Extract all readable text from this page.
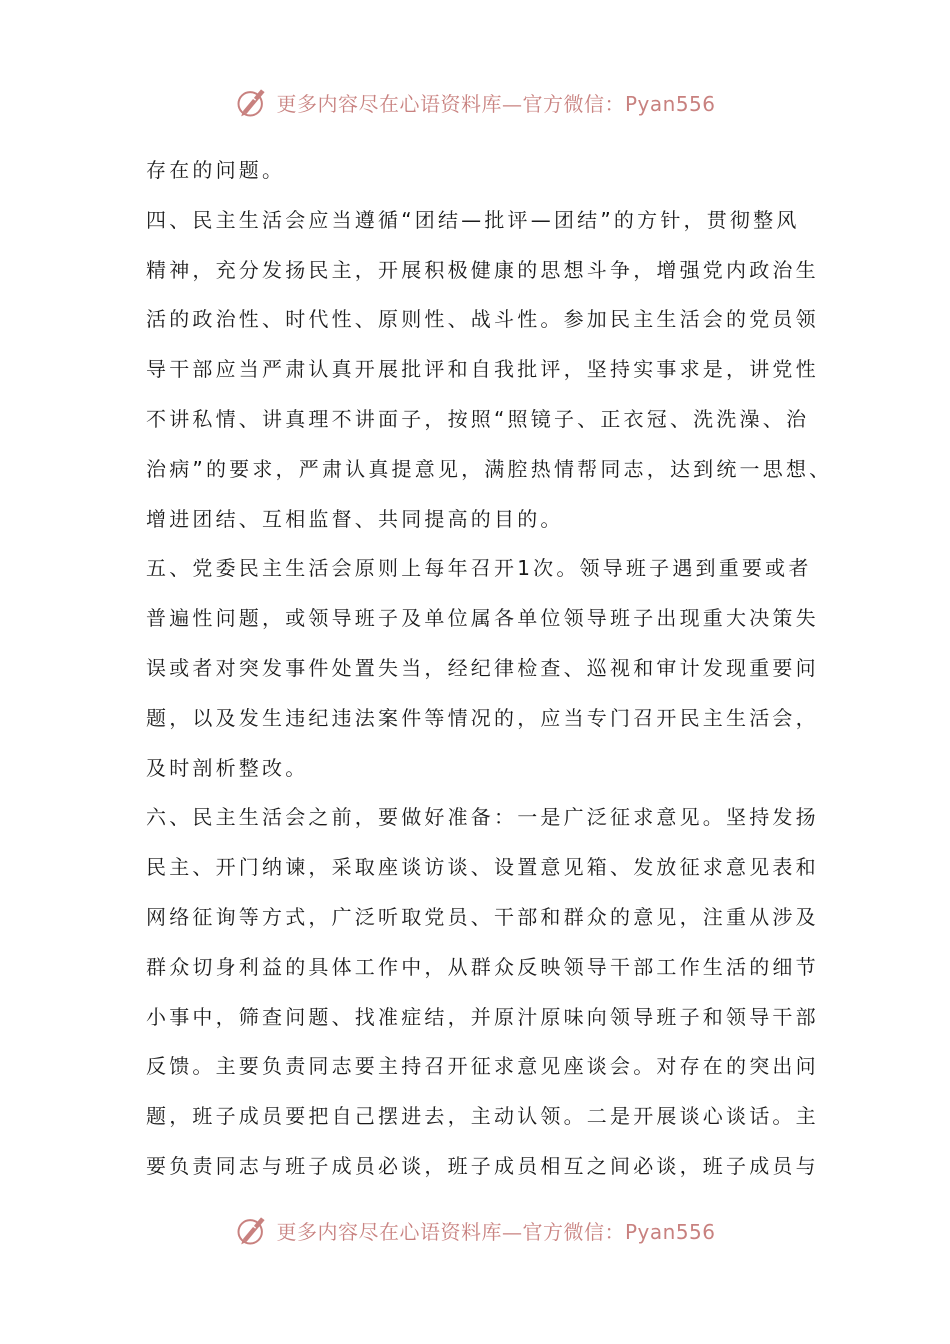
更多内容尽在心语资料库—官方微信：Pyan556
存在的问题。
四、民主生活会应当遵循“团结—批评—团结”的方针，贯彻整风
精神，充分发扬民主，开展积极健康的思想斗争，增强党内政治生
活的政治性、时代性、原则性、战斗性。参加民主生活会的党员领
导干部应当严肃认真开展批评和自我批评，坚持实事求是，讲党性
不讲私情、讲真理不讲面子，按照“照镜子、正衣冠、洗洗澡、治
治病”的要求，严肃认真提意见，满腔热情帮同志，达到统一思想、
增进团结、互相监督、共同提高的目的。
五、党委民主生活会原则上每年召开1次。领导班子遇到重要或者
普遍性问题，或领导班子及单位属各单位领导班子出现重大决策失
误或者对突发事件处置失当，经纪律检查、巡视和审计发现重要问
题，以及发生违纪违法案件等情况的，应当专门召开民主生活会，
及时剖析整改。
六、民主生活会之前，要做好准备：一是广泛征求意见。坚持发扬
民主、开门纳谏，采取座谈访谈、设置意见箱、发放征求意见表和
网络征询等方式，广泛听取党员、干部和群众的意见，注重从涉及
群众切身利益的具体工作中，从群众反映领导干部工作生活的细节
小事中，筛查问题、找准症结，并原汁原味向领导班子和领导干部
反馈。主要负责同志要主持召开征求意见座谈会。对存在的突出问
题，班子成员要把自己摆进去，主动认领。二是开展谈心谈话。主
要负责同志与班子成员必谈，班子成员相互之间必谈，班子成员与
更多内容尽在心语资料库—官方微信：Pyan556
